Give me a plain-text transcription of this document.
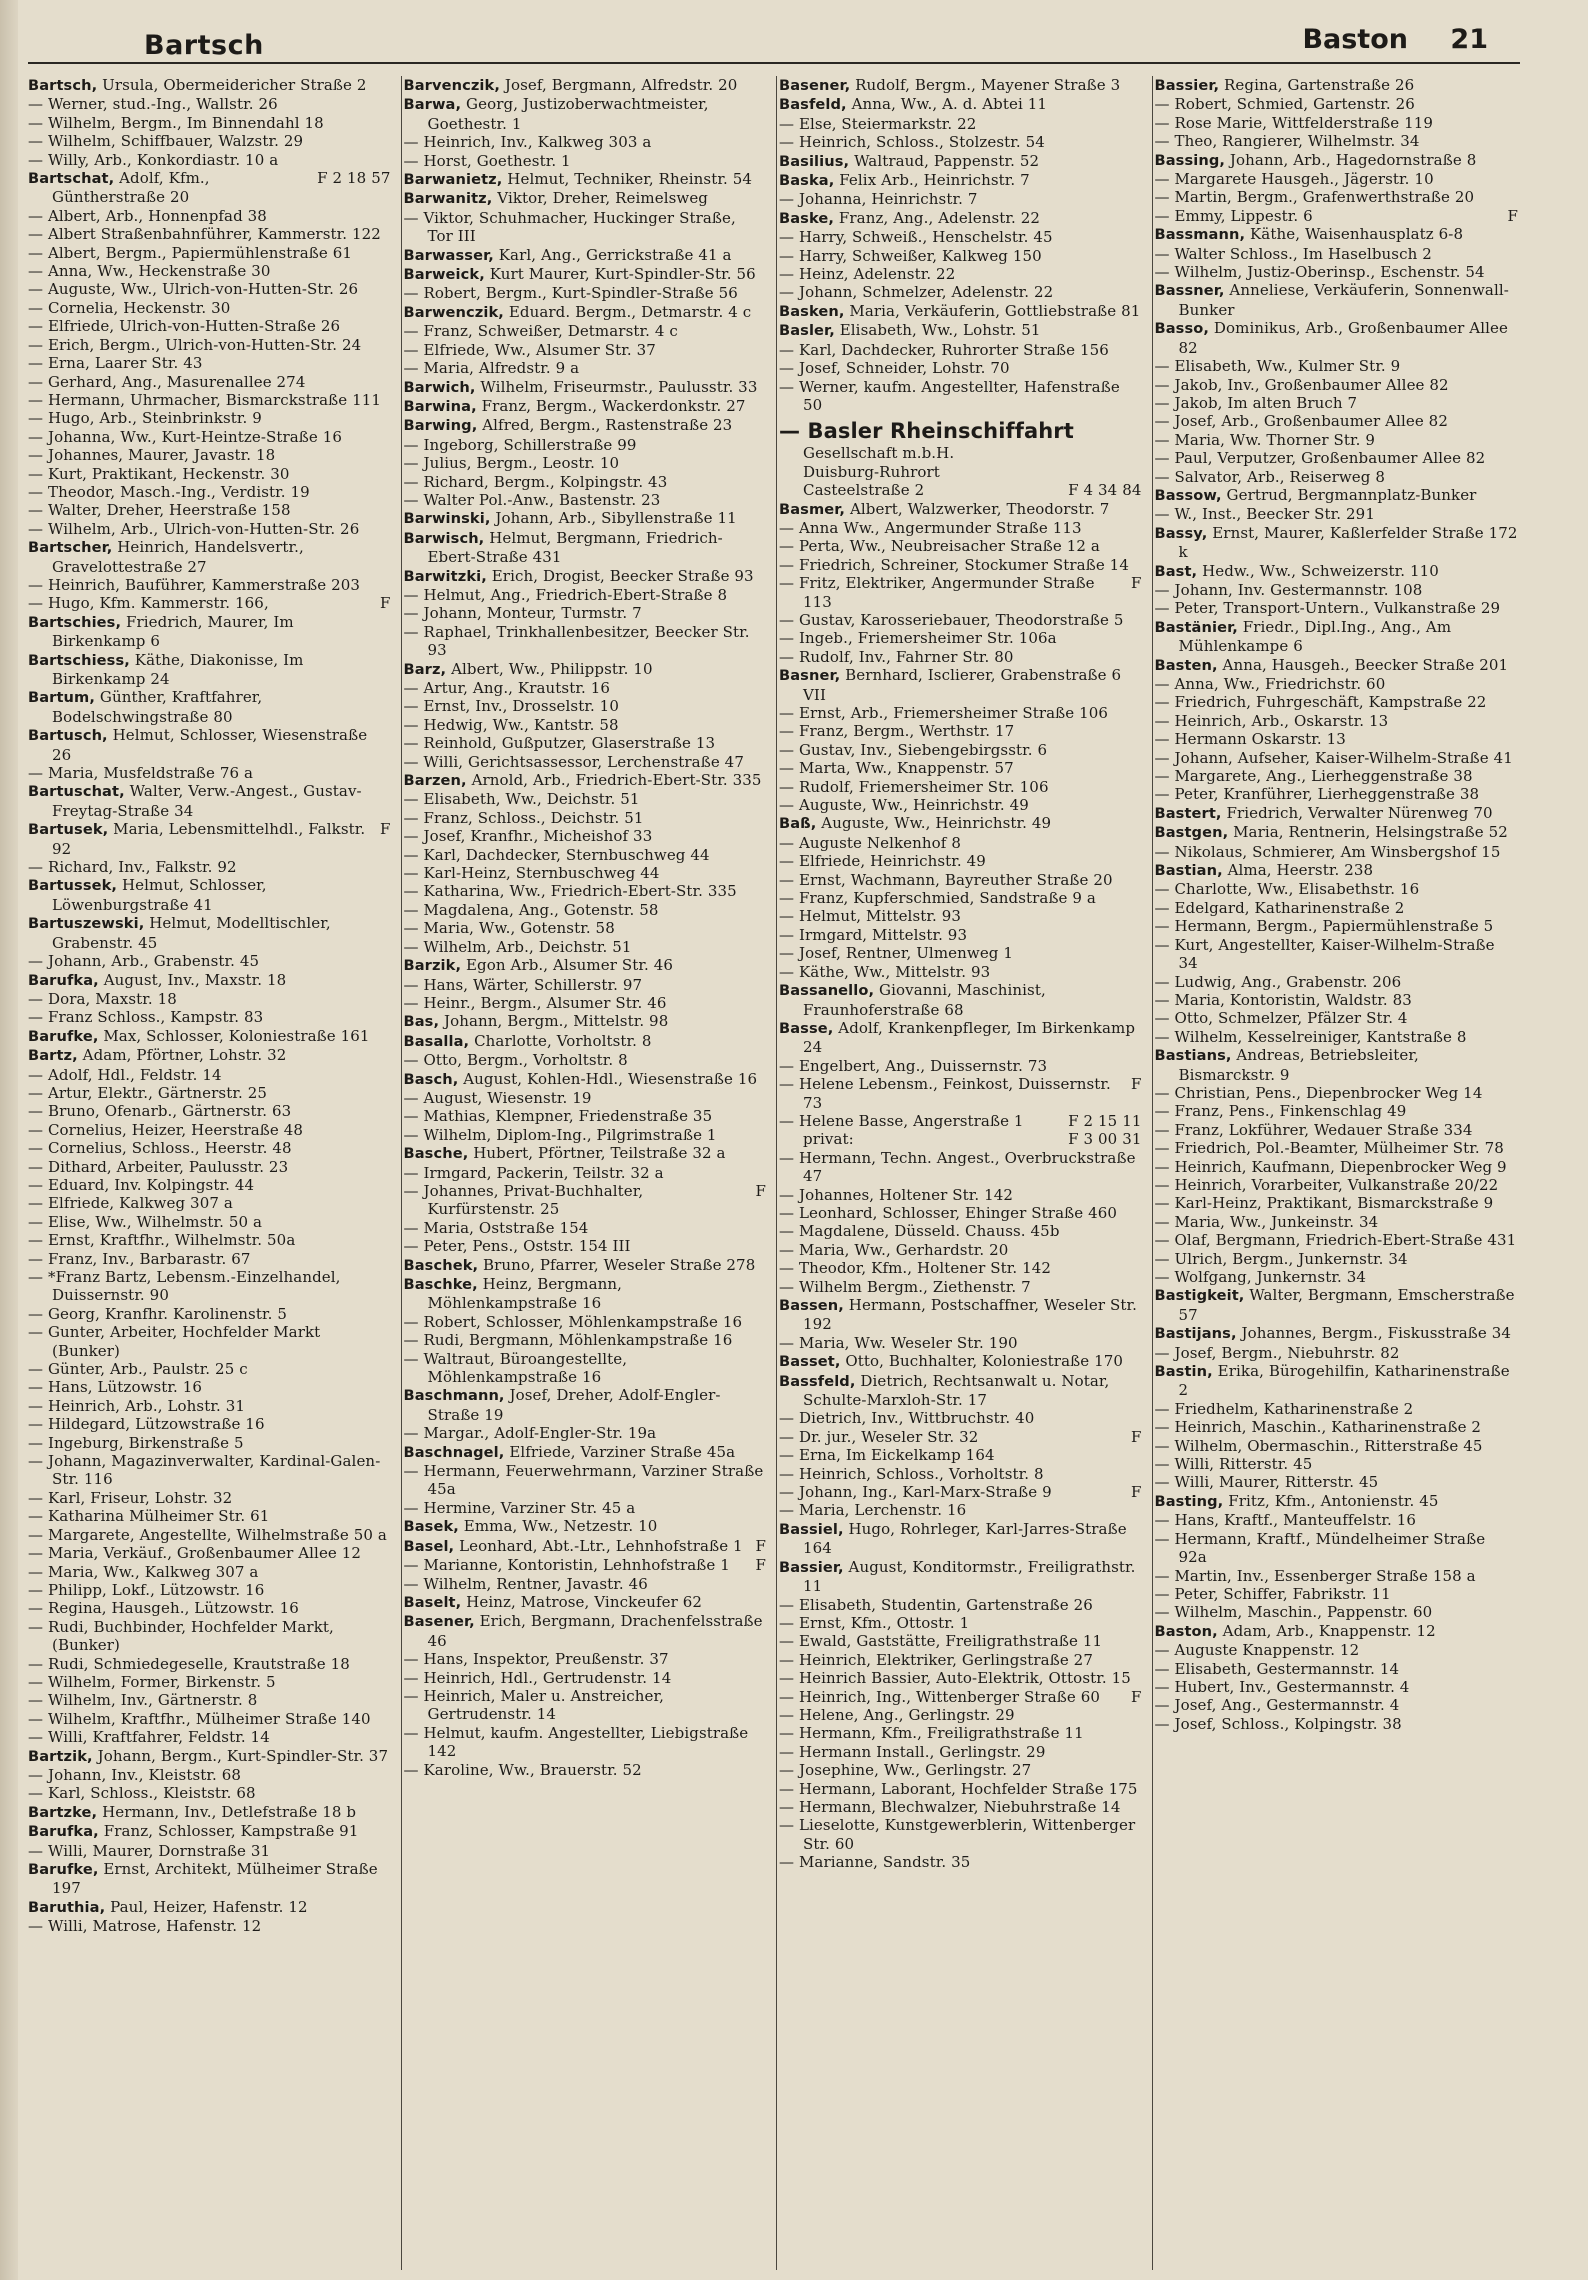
Bartsch	Baston 21
Bartsch, Ursula, Obermeidericher Straße 2
— Werner, stud.-Ing., Wallstr. 26
— Wilhelm, Bergm., Im Binnendahl 18
— Wilhelm, Schiffbauer, Walzstr. 29
— Willy, Arb., Konkordiastr. 10 a
F 2 18 57
Bartschat, Adolf, Kfm., Güntherstraße 20
— Albert, Arb., Honnenpfad 38
— Albert Straßenbahnführer, Kammerstr. 122
— Albert, Bergm., Papiermühlenstraße 61
— Anna, Ww., Heckenstraße 30
— Auguste, Ww., Ulrich-von-Hutten-Str. 26
— Cornelia, Heckenstr. 30
— Elfriede, Ulrich-von-Hutten-Straße 26
— Erich, Bergm., Ulrich-von-Hutten-Str. 24
— Erna, Laarer Str. 43
— Gerhard, Ang., Masurenallee 274
— Hermann, Uhrmacher, Bismarckstraße 111
— Hugo, Arb., Steinbrinkstr. 9
— Johanna, Ww., Kurt-Heintze-Straße 16
— Johannes, Maurer, Javastr. 18
— Kurt, Praktikant, Heckenstr. 30
— Theodor, Masch.-Ing., Verdistr. 19
— Walter, Dreher, Heerstraße 158
— Wilhelm, Arb., Ulrich-von-Hutten-Str. 26
Bartscher, Heinrich, Handelsvertr., Gravelottestraße 27
— Heinrich, Bauführer, Kammerstraße 203
F
— Hugo, Kfm. Kammerstr. 166,
Bartschies, Friedrich, Maurer, Im Birkenkamp 6
Bartschiess, Käthe, Diakonisse, Im Birkenkamp 24
Bartum, Günther, Kraftfahrer, Bodelschwingstraße 80
Bartusch, Helmut, Schlosser, Wiesenstraße 26
— Maria, Musfeldstraße 76 a
Bartuschat, Walter, Verw.-Angest., Gustav-Freytag-Straße 34
F
Bartusek, Maria, Lebensmittelhdl., Falkstr. 92
— Richard, Inv., Falkstr. 92
Bartussek, Helmut, Schlosser, Löwenburgstraße 41
Bartuszewski, Helmut, Modelltischler, Grabenstr. 45
— Johann, Arb., Grabenstr. 45
Barufka, August, Inv., Maxstr. 18
— Dora, Maxstr. 18
— Franz Schloss., Kampstr. 83
Barufke, Max, Schlosser, Koloniestraße 161
Bartz, Adam, Pförtner, Lohstr. 32
— Adolf, Hdl., Feldstr. 14
— Artur, Elektr., Gärtnerstr. 25
— Bruno, Ofenarb., Gärtnerstr. 63
— Cornelius, Heizer, Heerstraße 48
— Cornelius, Schloss., Heerstr. 48
— Dithard, Arbeiter, Paulusstr. 23
— Eduard, Inv. Kolpingstr. 44
— Elfriede, Kalkweg 307 a
— Elise, Ww., Wilhelmstr. 50 a
— Ernst, Kraftfhr., Wilhelmstr. 50a
— Franz, Inv., Barbarastr. 67
— *Franz Bartz, Lebensm.-Einzelhandel, Duissernstr. 90
— Georg, Kranfhr. Karolinenstr. 5
— Gunter, Arbeiter, Hochfelder Markt (Bunker)
— Günter, Arb., Paulstr. 25 c
— Hans, Lützowstr. 16
— Heinrich, Arb., Lohstr. 31
— Hildegard, Lützowstraße 16
— Ingeburg, Birkenstraße 5
— Johann, Magazinverwalter, Kardinal-Galen-Str. 116
— Karl, Friseur, Lohstr. 32
— Katharina Mülheimer Str. 61
— Margarete, Angestellte, Wilhelmstraße 50 a
— Maria, Verkäuf., Großenbaumer Allee 12
— Maria, Ww., Kalkweg 307 a
— Philipp, Lokf., Lützowstr. 16
— Regina, Hausgeh., Lützowstr. 16
— Rudi, Buchbinder, Hochfelder Markt, (Bunker)
— Rudi, Schmiedegeselle, Krautstraße 18
— Wilhelm, Former, Birkenstr. 5
— Wilhelm, Inv., Gärtnerstr. 8
— Wilhelm, Kraftfhr., Mülheimer Straße 140
— Willi, Kraftfahrer, Feldstr. 14
Bartzik, Johann, Bergm., Kurt-Spindler-Str. 37
— Johann, Inv., Kleiststr. 68
— Karl, Schloss., Kleiststr. 68
Bartzke, Hermann, Inv., Detlefstraße 18 b
Barufka, Franz, Schlosser, Kampstraße 91
— Willi, Maurer, Dornstraße 31
Barufke, Ernst, Architekt, Mülheimer Straße 197
Baruthia, Paul, Heizer, Hafenstr. 12
— Willi, Matrose, Hafenstr. 12
Barvenczik, Josef, Bergmann, Alfredstr. 20
Barwa, Georg, Justizoberwachtmeister, Goethestr. 1
— Heinrich, Inv., Kalkweg 303 a
— Horst, Goethestr. 1
Barwanietz, Helmut, Techniker, Rheinstr. 54
Barwanitz, Viktor, Dreher, Reimelsweg
— Viktor, Schuhmacher, Huckinger Straße, Tor III
Barwasser, Karl, Ang., Gerrickstraße 41 a
Barweick, Kurt Maurer, Kurt-Spindler-Str. 56
— Robert, Bergm., Kurt-Spindler-Straße 56
Barwenczik, Eduard. Bergm., Detmarstr. 4 c
— Franz, Schweißer, Detmarstr. 4 c
— Elfriede, Ww., Alsumer Str. 37
— Maria, Alfredstr. 9 a
Barwich, Wilhelm, Friseurmstr., Paulusstr. 33
Barwina, Franz, Bergm., Wackerdonkstr. 27
Barwing, Alfred, Bergm., Rastenstraße 23
— Ingeborg, Schillerstraße 99
— Julius, Bergm., Leostr. 10
— Richard, Bergm., Kolpingstr. 43
— Walter Pol.-Anw., Bastenstr. 23
Barwinski, Johann, Arb., Sibyllenstraße 11
Barwisch, Helmut, Bergmann, Friedrich-Ebert-Straße 431
Barwitzki, Erich, Drogist, Beecker Straße 93
— Helmut, Ang., Friedrich-Ebert-Straße 8
— Johann, Monteur, Turmstr. 7
— Raphael, Trinkhallenbesitzer, Beecker Str. 93
Barz, Albert, Ww., Philippstr. 10
— Artur, Ang., Krautstr. 16
— Ernst, Inv., Drosselstr. 10
— Hedwig, Ww., Kantstr. 58
— Reinhold, Gußputzer, Glaserstraße 13
— Willi, Gerichtsassessor, Lerchenstraße 47
Barzen, Arnold, Arb., Friedrich-Ebert-Str. 335
— Elisabeth, Ww., Deichstr. 51
— Franz, Schloss., Deichstr. 51
— Josef, Kranfhr., Micheishof 33
— Karl, Dachdecker, Sternbuschweg 44
— Karl-Heinz, Sternbuschweg 44
— Katharina, Ww., Friedrich-Ebert-Str. 335
— Magdalena, Ang., Gotenstr. 58
— Maria, Ww., Gotenstr. 58
— Wilhelm, Arb., Deichstr. 51
Barzik, Egon Arb., Alsumer Str. 46
— Hans, Wärter, Schillerstr. 97
— Heinr., Bergm., Alsumer Str. 46
Bas, Johann, Bergm., Mittelstr. 98
Basalla, Charlotte, Vorholtstr. 8
— Otto, Bergm., Vorholtstr. 8
Basch, August, Kohlen-Hdl., Wiesenstraße 16
— August, Wiesenstr. 19
— Mathias, Klempner, Friedenstraße 35
— Wilhelm, Diplom-Ing., Pilgrimstraße 1
Basche, Hubert, Pförtner, Teilstraße 32 a
— Irmgard, Packerin, Teilstr. 32 a
F
— Johannes, Privat-Buchhalter, Kurfürstenstr. 25
— Maria, Oststraße 154
— Peter, Pens., Oststr. 154 III
Baschek, Bruno, Pfarrer, Weseler Straße 278
Baschke, Heinz, Bergmann, Möhlenkampstraße 16
— Robert, Schlosser, Möhlenkampstraße 16
— Rudi, Bergmann, Möhlenkampstraße 16
— Waltraut, Büroangestellte, Möhlenkampstraße 16
Baschmann, Josef, Dreher, Adolf-Engler-Straße 19
— Margar., Adolf-Engler-Str. 19a
Baschnagel, Elfriede, Varziner Straße 45a
— Hermann, Feuerwehrmann, Varziner Straße 45a
— Hermine, Varziner Str. 45 a
Basek, Emma, Ww., Netzestr. 10
F
Basel, Leonhard, Abt.-Ltr., Lehnhofstraße 1
F
— Marianne, Kontoristin, Lehnhofstraße 1
— Wilhelm, Rentner, Javastr. 46
Baselt, Heinz, Matrose, Vinckeufer 62
Basener, Erich, Bergmann, Drachenfelsstraße 46
— Hans, Inspektor, Preußenstr. 37
— Heinrich, Hdl., Gertrudenstr. 14
— Heinrich, Maler u. Anstreicher, Gertrudenstr. 14
— Helmut, kaufm. Angestellter, Liebigstraße 142
— Karoline, Ww., Brauerstr. 52
Basener, Rudolf, Bergm., Mayener Straße 3
Basfeld, Anna, Ww., A. d. Abtei 11
— Else, Steiermarkstr. 22
— Heinrich, Schloss., Stolzestr. 54
Basilius, Waltraud, Pappenstr. 52
Baska, Felix Arb., Heinrichstr. 7
— Johanna, Heinrichstr. 7
Baske, Franz, Ang., Adelenstr. 22
— Harry, Schweiß., Henschelstr. 45
— Harry, Schweißer, Kalkweg 150
— Heinz, Adelenstr. 22
— Johann, Schmelzer, Adelenstr. 22
Basken, Maria, Verkäuferin, Gottliebstraße 81
Basler, Elisabeth, Ww., Lohstr. 51
— Karl, Dachdecker, Ruhrorter Straße 156
— Josef, Schneider, Lohstr. 70
— Werner, kaufm. Angestellter, Hafenstraße 50
— Basler Rheinschiffahrt
Gesellschaft m.b.H.
Duisburg-Ruhrort
F 4 34 84
Casteelstraße 2
Basmer, Albert, Walzwerker, Theodorstr. 7
— Anna Ww., Angermunder Straße 113
— Perta, Ww., Neubreisacher Straße 12 a
— Friedrich, Schreiner, Stockumer Straße 14
F
— Fritz, Elektriker, Angermunder Straße 113
— Gustav, Karosseriebauer, Theodorstraße 5
— Ingeb., Friemersheimer Str. 106a
— Rudolf, Inv., Fahrner Str. 80
Basner, Bernhard, Isclierer, Grabenstraße 6 VII
— Ernst, Arb., Friemersheimer Straße 106
— Franz, Bergm., Werthstr. 17
— Gustav, Inv., Siebengebirgsstr. 6
— Marta, Ww., Knappenstr. 57
— Rudolf, Friemersheimer Str. 106
— Auguste, Ww., Heinrichstr. 49
Baß, Auguste, Ww., Heinrichstr. 49
— Auguste Nelkenhof 8
— Elfriede, Heinrichstr. 49
— Ernst, Wachmann, Bayreuther Straße 20
— Franz, Kupferschmied, Sandstraße 9 a
— Helmut, Mittelstr. 93
— Irmgard, Mittelstr. 93
— Josef, Rentner, Ulmenweg 1
— Käthe, Ww., Mittelstr. 93
Bassanello, Giovanni, Maschinist, Fraunhoferstraße 68
Basse, Adolf, Krankenpfleger, Im Birkenkamp 24
— Engelbert, Ang., Duissernstr. 73
F
— Helene Lebensm., Feinkost, Duissernstr. 73
F 2 15 11
— Helene Basse, Angerstraße 1
F 3 00 31
privat:
— Hermann, Techn. Angest., Overbruckstraße 47
— Johannes, Holtener Str. 142
— Leonhard, Schlosser, Ehinger Straße 460
— Magdalene, Düsseld. Chauss. 45b
— Maria, Ww., Gerhardstr. 20
— Theodor, Kfm., Holtener Str. 142
— Wilhelm Bergm., Ziethenstr. 7
Bassen, Hermann, Postschaffner, Weseler Str. 192
— Maria, Ww. Weseler Str. 190
Basset, Otto, Buchhalter, Koloniestraße 170
Bassfeld, Dietrich, Rechtsanwalt u. Notar, Schulte-Marxloh-Str. 17
— Dietrich, Inv., Wittbruchstr. 40
F
— Dr. jur., Weseler Str. 32
— Erna, Im Eickelkamp 164
— Heinrich, Schloss., Vorholtstr. 8
F
— Johann, Ing., Karl-Marx-Straße 9
— Maria, Lerchenstr. 16
Bassiel, Hugo, Rohrleger, Karl-Jarres-Straße 164
Bassier, August, Konditormstr., Freiligrathstr. 11
— Elisabeth, Studentin, Gartenstraße 26
— Ernst, Kfm., Ottostr. 1
— Ewald, Gaststätte, Freiligrathstraße 11
— Heinrich, Elektriker, Gerlingstraße 27
— Heinrich Bassier, Auto-Elektrik, Ottostr. 15
F
— Heinrich, Ing., Wittenberger Straße 60
— Helene, Ang., Gerlingstr. 29
— Hermann, Kfm., Freiligrathstraße 11
— Hermann Install., Gerlingstr. 29
— Josephine, Ww., Gerlingstr. 27
— Hermann, Laborant, Hochfelder Straße 175
— Hermann, Blechwalzer, Niebuhrstraße 14
— Lieselotte, Kunstgewerblerin, Wittenberger Str. 60
— Marianne, Sandstr. 35
Bassier, Regina, Gartenstraße 26
— Robert, Schmied, Gartenstr. 26
— Rose Marie, Wittfelderstraße 119
— Theo, Rangierer, Wilhelmstr. 34
Bassing, Johann, Arb., Hagedornstraße 8
— Margarete Hausgeh., Jägerstr. 10
— Martin, Bergm., Grafenwerthstraße 20
F
— Emmy, Lippestr. 6
Bassmann, Käthe, Waisenhausplatz 6-8
— Walter Schloss., Im Haselbusch 2
— Wilhelm, Justiz-Oberinsp., Eschenstr. 54
Bassner, Anneliese, Verkäuferin, Sonnenwall-Bunker
Basso, Dominikus, Arb., Großenbaumer Allee 82
— Elisabeth, Ww., Kulmer Str. 9
— Jakob, Inv., Großenbaumer Allee 82
— Jakob, Im alten Bruch 7
— Josef, Arb., Großenbaumer Allee 82
— Maria, Ww. Thorner Str. 9
— Paul, Verputzer, Großenbaumer Allee 82
— Salvator, Arb., Reiserweg 8
Bassow, Gertrud, Bergmannplatz-Bunker
— W., Inst., Beecker Str. 291
Bassy, Ernst, Maurer, Kaßlerfelder Straße 172 k
Bast, Hedw., Ww., Schweizerstr. 110
— Johann, Inv. Gestermannstr. 108
— Peter, Transport-Untern., Vulkanstraße 29
Bastänier, Friedr., Dipl.Ing., Ang., Am Mühlenkampe 6
Basten, Anna, Hausgeh., Beecker Straße 201
— Anna, Ww., Friedrichstr. 60
— Friedrich, Fuhrgeschäft, Kampstraße 22
— Heinrich, Arb., Oskarstr. 13
— Hermann Oskarstr. 13
— Johann, Aufseher, Kaiser-Wilhelm-Straße 41
— Margarete, Ang., Lierheggenstraße 38
— Peter, Kranführer, Lierheggenstraße 38
Bastert, Friedrich, Verwalter Nürenweg 70
Bastgen, Maria, Rentnerin, Helsingstraße 52
— Nikolaus, Schmierer, Am Winsbergshof 15
Bastian, Alma, Heerstr. 238
— Charlotte, Ww., Elisabethstr. 16
— Edelgard, Katharinenstraße 2
— Hermann, Bergm., Papiermühlenstraße 5
— Kurt, Angestellter, Kaiser-Wilhelm-Straße 34
— Ludwig, Ang., Grabenstr. 206
— Maria, Kontoristin, Waldstr. 83
— Otto, Schmelzer, Pfälzer Str. 4
— Wilhelm, Kesselreiniger, Kantstraße 8
Bastians, Andreas, Betriebsleiter, Bismarckstr. 9
— Christian, Pens., Diepenbrocker Weg 14
— Franz, Pens., Finkenschlag 49
— Franz, Lokführer, Wedauer Straße 334
— Friedrich, Pol.-Beamter, Mülheimer Str. 78
— Heinrich, Kaufmann, Diepenbrocker Weg 9
— Heinrich, Vorarbeiter, Vulkanstraße 20/22
— Karl-Heinz, Praktikant, Bismarckstraße 9
— Maria, Ww., Junkeinstr. 34
— Olaf, Bergmann, Friedrich-Ebert-Straße 431
— Ulrich, Bergm., Junkernstr. 34
— Wolfgang, Junkernstr. 34
Bastigkeit, Walter, Bergmann, Emscherstraße 57
Bastijans, Johannes, Bergm., Fiskusstraße 34
— Josef, Bergm., Niebuhrstr. 82
Bastin, Erika, Bürogehilfin, Katharinenstraße 2
— Friedhelm, Katharinenstraße 2
— Heinrich, Maschin., Katharinenstraße 2
— Wilhelm, Obermaschin., Ritterstraße 45
— Willi, Ritterstr. 45
— Willi, Maurer, Ritterstr. 45
Basting, Fritz, Kfm., Antonienstr. 45
— Hans, Kraftf., Manteuffelstr. 16
— Hermann, Kraftf., Mündelheimer Straße 92a
— Martin, Inv., Essenberger Straße 158 a
— Peter, Schiffer, Fabrikstr. 11
— Wilhelm, Maschin., Pappenstr. 60
Baston, Adam, Arb., Knappenstr. 12
— Auguste Knappenstr. 12
— Elisabeth, Gestermannstr. 14
— Hubert, Inv., Gestermannstr. 4
— Josef, Ang., Gestermannstr. 4
— Josef, Schloss., Kolpingstr. 38
